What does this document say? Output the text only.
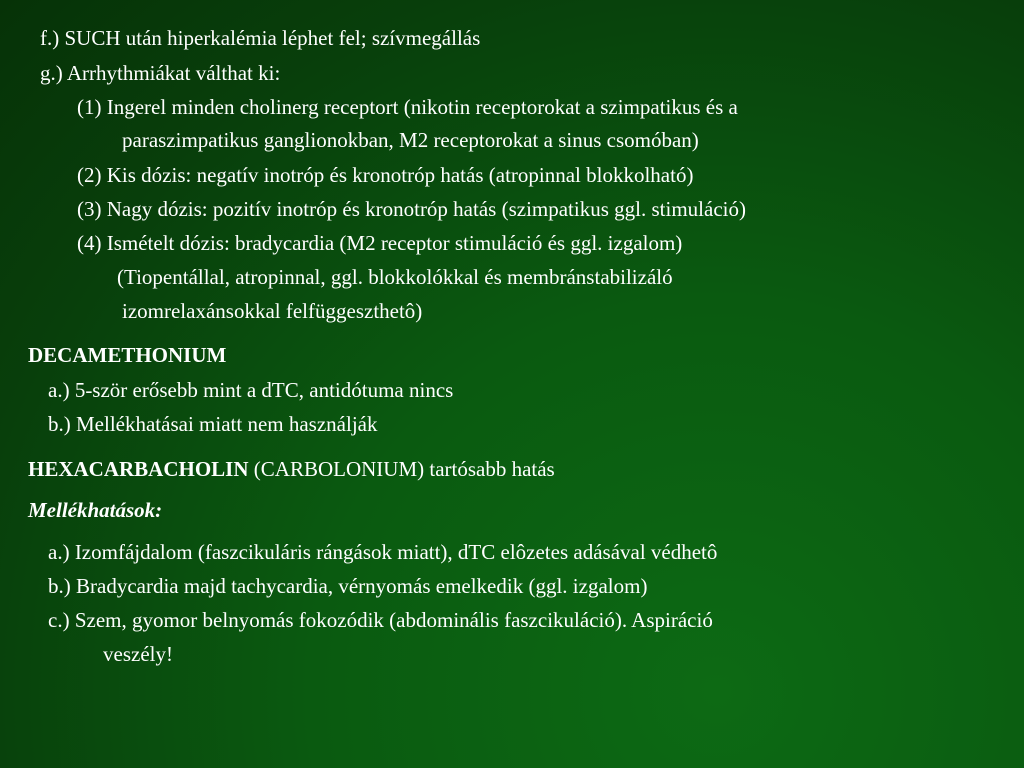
f.) SUCH után hiperkalémia léphet fel; szívmegállás
g.) Arrhythmiákat válthat ki:
(1) Ingerel minden cholinerg receptort (nikotin receptorokat a szimpatikus és a
paraszimpatikus ganglionokban, M2 receptorokat a sinus csomóban)
(2) Kis dózis: negatív inotróp és kronotróp hatás (atropinnal blokkolható)
(3) Nagy dózis: pozitív inotróp és kronotróp hatás (szimpatikus ggl. stimuláció)
(4) Ismételt dózis: bradycardia (M2 receptor stimuláció és ggl. izgalom)
(Tiopentállal, atropinnal, ggl. blokkolókkal és membránstabilizáló
izomrelaxánsokkal felfüggeszthetô)
DECAMETHONIUM
a.) 5-ször erősebb mint a dTC, antidótuma nincs
b.) Mellékhatásai miatt nem használják
HEXACARBACHOLIN (CARBOLONIUM) tartósabb hatás
Mellékhatások:
a.) Izomfájdalom (faszcikuláris rángások miatt), dTC elôzetes adásával védhetô
b.) Bradycardia majd tachycardia, vérnyomás emelkedik (ggl. izgalom)
c.) Szem, gyomor belnyomás fokozódik (abdominális faszcikuláció). Aspiráció
veszély!
